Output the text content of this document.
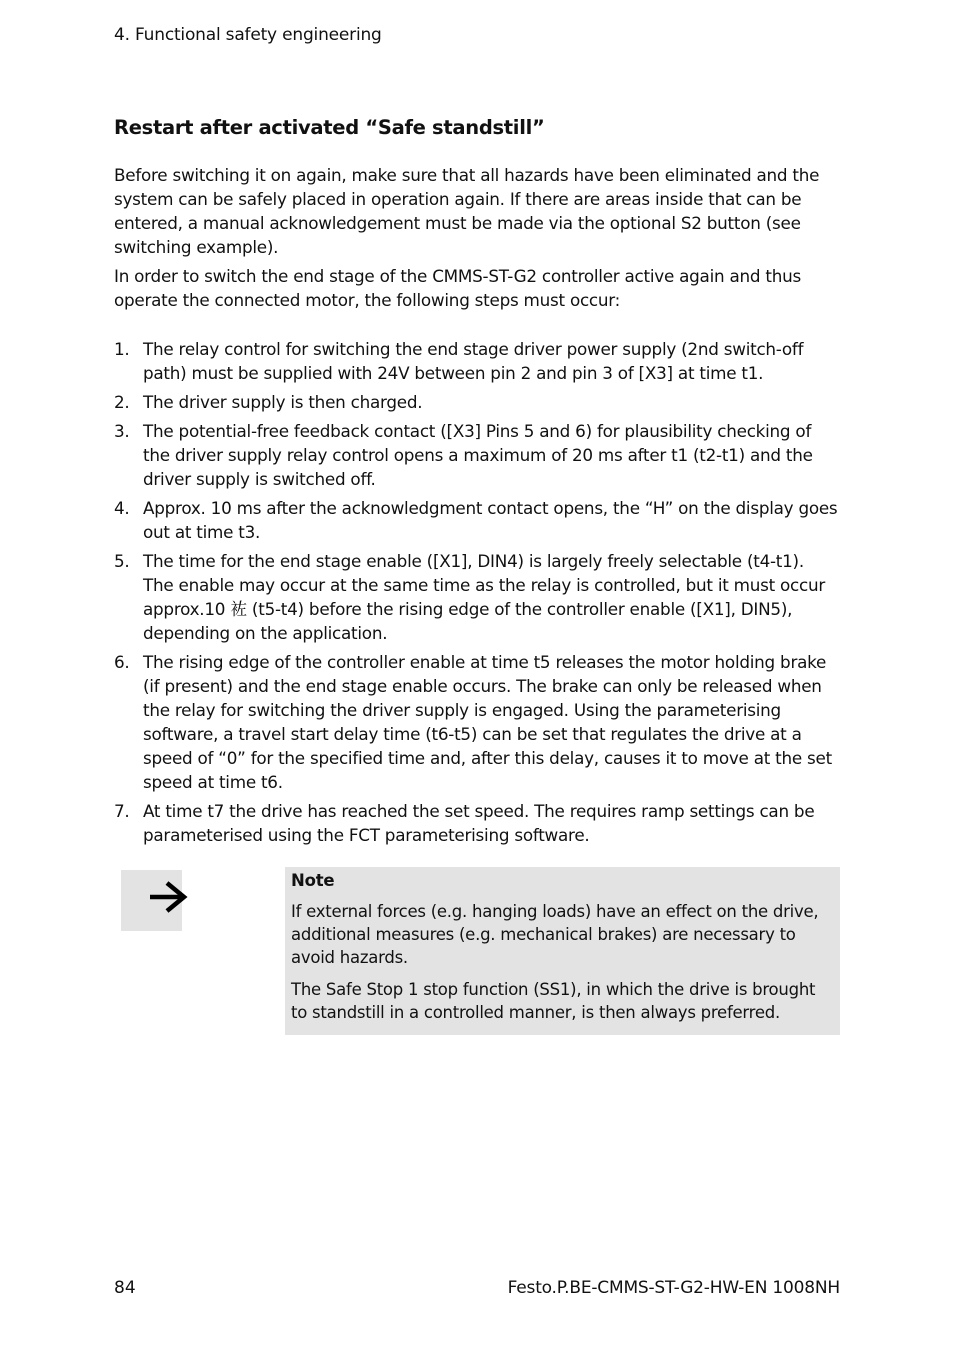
4. Functional safety engineering
Restart after activated “Safe standstill”

Before switching it on again, make sure that all hazards have been eliminated and the system can be safely placed in operation again. If there are areas inside that can be entered, a manual acknowledgement must be made via the optional S2 button (see switching example).

In order to switch the end stage of the CMMS-ST-G2 controller active again and thus operate the connected motor, the following steps must occur:

1. The relay control for switching the end stage driver power supply (2nd switch-off path) must be supplied with 24V between pin 2 and pin 3 of [X3] at time t1.
2. The driver supply is then charged.
3. The potential-free feedback contact ([X3] Pins 5 and 6) for plausibility checking of the driver supply relay control opens a maximum of 20 ms after t1 (t2-t1) and the driver supply is switched off.
4. Approx. 10 ms after the acknowledgment contact opens, the “H” on the display goes out at time t3.
5. The time for the end stage enable ([X1], DIN4) is largely freely selectable (t4-t1). The enable may occur at the same time as the relay is controlled, but it must occur approx.10 袏 (t5-t4) before the rising edge of the controller enable ([X1], DIN5), depending on the application.
6. The rising edge of the controller enable at time t5 releases the motor holding brake (if present) and the end stage enable occurs. The brake can only be released when the relay for switching the driver supply is engaged. Using the parameterising software, a travel start delay time (t6-t5) can be set that regulates the drive at a speed of “0” for the specified time and, after this delay, causes it to move at the set speed at time t6.
7. At time t7 the drive has reached the set speed. The requires ramp settings can be parameterised using the FCT parameterising software.
Note

If external forces (e.g. hanging loads) have an effect on the drive, additional measures (e.g. mechanical brakes) are necessary to avoid hazards.

The Safe Stop 1 stop function (SS1), in which the drive is brought to standstill in a controlled manner, is then always preferred.

84	Festo.P.BE-CMMS-ST-G2-HW-EN 1008NH
